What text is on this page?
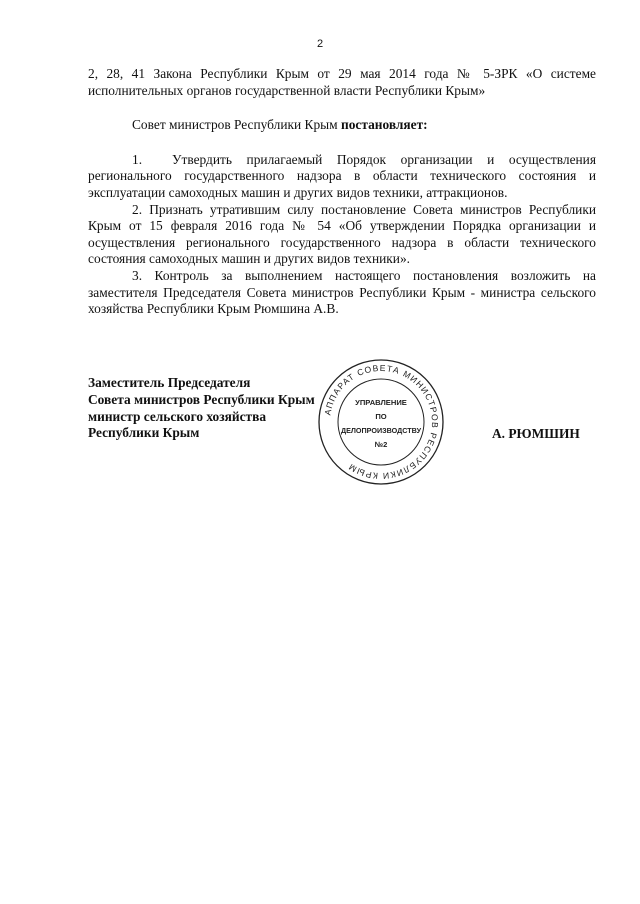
2

2, 28, 41 Закона Республики Крым от 29 мая 2014 года № 5-ЗРК «О системе исполнительных органов государственной власти Республики Крым»

Совет министров Республики Крым постановляет:

1. Утвердить прилагаемый Порядок организации и осуществления регионального государственного надзора в области технического состояния и эксплуатации самоходных машин и других видов техники, аттракционов.

2. Признать утратившим силу постановление Совета министров Республики Крым от 15 февраля 2016 года № 54 «Об утверждении Порядка организации и осуществления регионального государственного надзора в области технического состояния самоходных машин и других видов техники».

3. Контроль за выполнением настоящего постановления возложить на заместителя Председателя Совета министров Республики Крым - министра сельского хозяйства Республики Крым Рюмшина А.В.

Заместитель Председателя
Совета министров Республики Крым
министр сельского хозяйства
Республики Крым	А. РЮМШИН
АППАРАТ СОВЕТА МИНИСТРОВ РЕСПУБЛИКИ КРЫМ
УПРАВЛЕНИЕ
ПО
ДЕЛОПРОИЗВОДСТВУ
№2
